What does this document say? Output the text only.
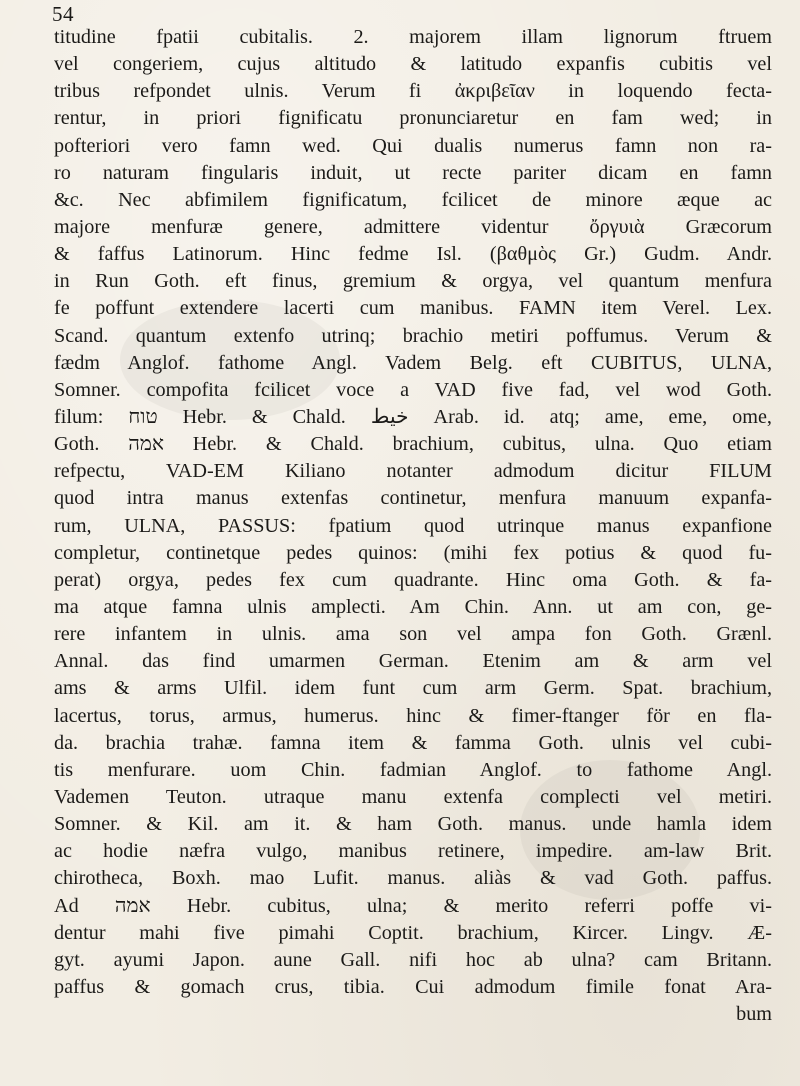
54
titudine fpatii cubitalis. 2. majorem illam lignorum ftruem
vel congeriem, cujus altitudo & latitudo expanfis cubitis vel
tribus refpondet ulnis. Verum fi ἀκριβεῖαν in loquendo fecta-
rentur, in priori fignificatu pronunciaretur en fam wed; in
pofteriori vero famn wed. Qui dualis numerus famn non ra-
ro naturam fingularis induit, ut recte pariter dicam en famn
&c. Nec abfimilem fignificatum, fcilicet de minore æque ac
majore menfuræ genere, admittere videntur ὄργυιὰ Græcorum
& faffus Latinorum. Hinc fedme Isl. (βαθμὸς Gr.) Gudm. Andr.
in Run Goth. eft finus, gremium & orgya, vel quantum menfura
fe poffunt extendere lacerti cum manibus. FAMN item Verel. Lex.
Scand. quantum extenfo utrinq; brachio metiri poffumus. Verum &
fædm Anglof. fathome Angl. Vadem Belg. eft CUBITUS, ULNA,
Somner. compofita fcilicet voce a VAD five fad, vel wod Goth.
filum: טוח Hebr. & Chald. خيط Arab. id. atq; ame, eme, ome,
Goth. אמה Hebr. & Chald. brachium, cubitus, ulna. Quo etiam
refpectu, VAD-EM Kiliano notanter admodum dicitur FILUM
quod intra manus extenfas continetur, menfura manuum expanfa-
rum, ULNA, PASSUS: fpatium quod utrinque manus expanfione
completur, continetque pedes quinos: (mihi fex potius & quod fu-
perat) orgya, pedes fex cum quadrante. Hinc oma Goth. & fa-
ma atque famna ulnis amplecti. Am Chin. Ann. ut am con, ge-
rere infantem in ulnis. ama son vel ampa fon Goth. Grænl.
Annal. das find umarmen German. Etenim am & arm vel
ams & arms Ulfil. idem funt cum arm Germ. Spat. brachium,
lacertus, torus, armus, humerus. hinc & fimer-ftanger för en fla-
da. brachia trahæ. famna item & famma Goth. ulnis vel cubi-
tis menfurare. uom Chin. fadmian Anglof. to fathome Angl.
Vademen Teuton. utraque manu extenfa complecti vel metiri.
Somner. & Kil. am it. & ham Goth. manus. unde hamla idem
ac hodie næfra vulgo, manibus retinere, impedire. am-law Brit.
chirotheca, Boxh. mao Lufit. manus. aliàs & vad Goth. paffus.
Ad אמה Hebr. cubitus, ulna; & merito referri poffe vi-
dentur mahi five pimahi Coptit. brachium, Kircer. Lingv. Æ-
gyt. ayumi Japon. aune Gall. nifi hoc ab ulna? cam Britann.
paffus & gomach crus, tibia. Cui admodum fimile fonat Ara-
bum
